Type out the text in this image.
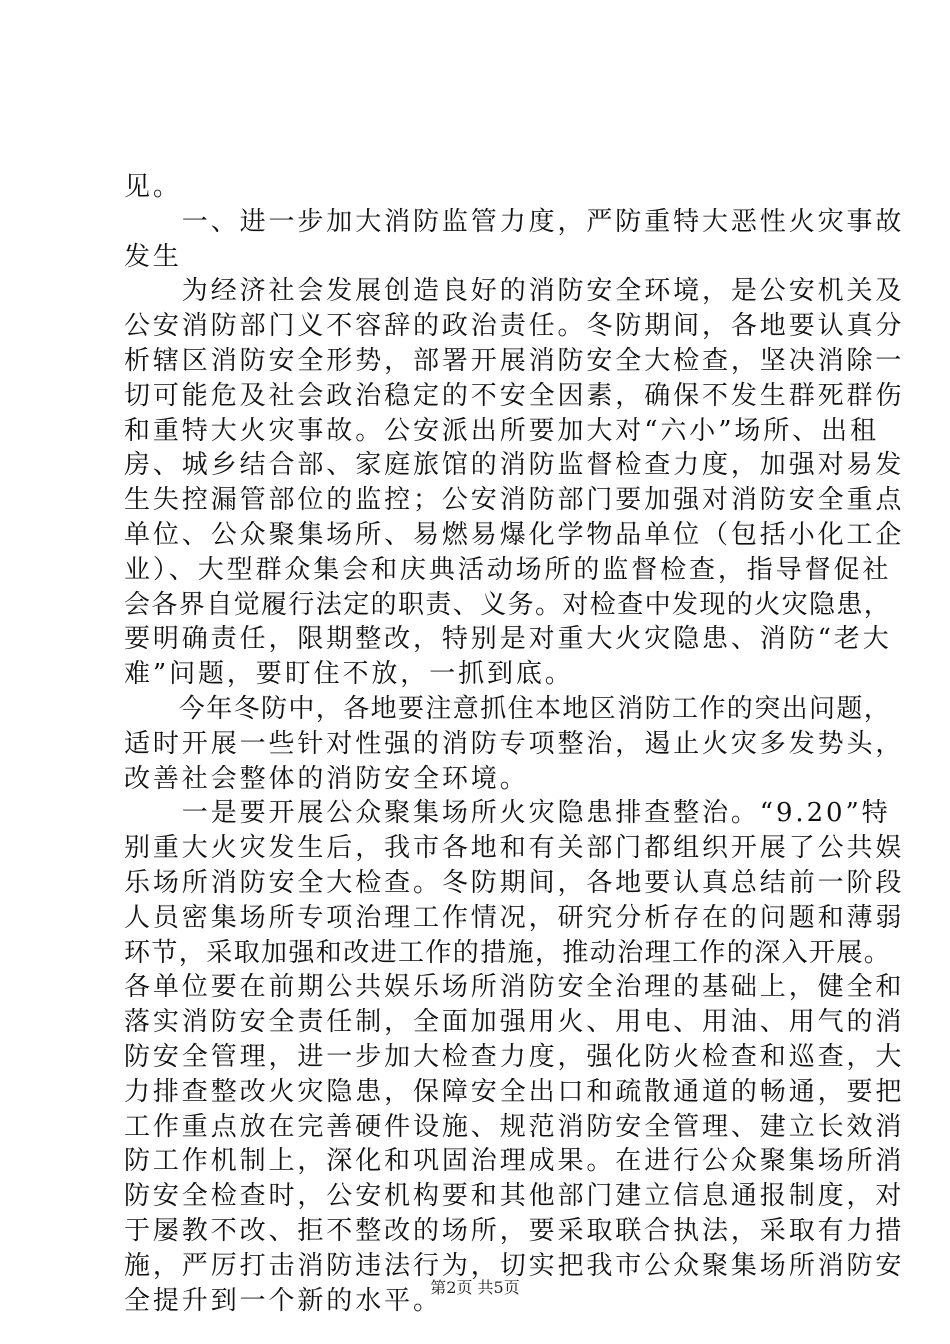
见。
　　一、进一步加大消防监管力度，严防重特大恶性火灾事故
发生
　　为经济社会发展创造良好的消防安全环境，是公安机关及
公安消防部门义不容辞的政治责任。冬防期间，各地要认真分
析辖区消防安全形势，部署开展消防安全大检查，坚决消除一
切可能危及社会政治稳定的不安全因素，确保不发生群死群伤
和重特大火灾事故。公安派出所要加大对“六小”场所、出租
房、城乡结合部、家庭旅馆的消防监督检查力度，加强对易发
生失控漏管部位的监控；公安消防部门要加强对消防安全重点
单位、公众聚集场所、易燃易爆化学物品单位（包括小化工企
业）、大型群众集会和庆典活动场所的监督检查，指导督促社
会各界自觉履行法定的职责、义务。对检查中发现的火灾隐患，
要明确责任，限期整改，特别是对重大火灾隐患、消防“老大
难”问题，要盯住不放，一抓到底。
　　今年冬防中，各地要注意抓住本地区消防工作的突出问题，
适时开展一些针对性强的消防专项整治，遏止火灾多发势头，
改善社会整体的消防安全环境。
　　一是要开展公众聚集场所火灾隐患排查整治。“9.20”特
别重大火灾发生后，我市各地和有关部门都组织开展了公共娱
乐场所消防安全大检查。冬防期间，各地要认真总结前一阶段
人员密集场所专项治理工作情况，研究分析存在的问题和薄弱
环节，采取加强和改进工作的措施，推动治理工作的深入开展。
各单位要在前期公共娱乐场所消防安全治理的基础上，健全和
落实消防安全责任制，全面加强用火、用电、用油、用气的消
防安全管理，进一步加大检查力度，强化防火检查和巡查，大
力排查整改火灾隐患，保障安全出口和疏散通道的畅通，要把
工作重点放在完善硬件设施、规范消防安全管理、建立长效消
防工作机制上，深化和巩固治理成果。在进行公众聚集场所消
防安全检查时，公安机构要和其他部门建立信息通报制度，对
于屡教不改、拒不整改的场所，要采取联合执法，采取有力措
施，严厉打击消防违法行为，切实把我市公众聚集场所消防安
全提升到一个新的水平。
第2页 共5页
